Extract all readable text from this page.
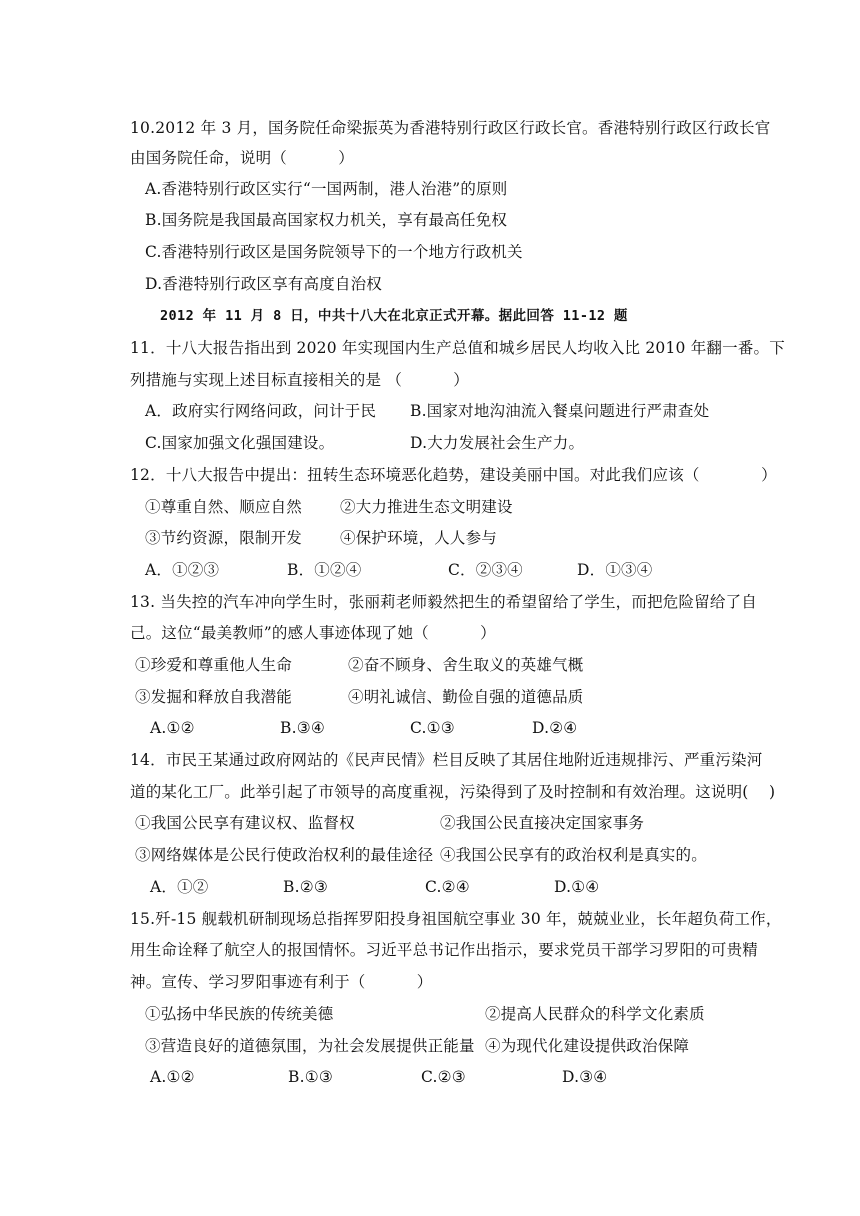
10.2012 年 3 月，国务院任命梁振英为香港特别行政区行政长官。香港特别行政区行政长官
由国务院任命，说明（          ）
A.香港特别行政区实行“一国两制，港人治港”的原则
B.国务院是我国最高国家权力机关，享有最高任免权
C.香港特别行政区是国务院领导下的一个地方行政机关
D.香港特别行政区享有高度自治权
2012 年 11 月 8 日，中共十八大在北京正式开幕。据此回答 11-12 题
11．十八大报告指出到 2020 年实现国内生产总值和城乡居民人均收入比 2010 年翻一番。下
列措施与实现上述目标直接相关的是 （          ）
A．政府实行网络问政，问计于民 B.国家对地沟油流入餐桌问题进行严肃查处
C.国家加强文化强国建设。	D.大力发展社会生产力。
12．十八大报告中提出：扭转生态环境恶化趋势，建设美丽中国。对此我们应该（            ）
①尊重自然、顺应自然 ②大力推进生态文明建设
③节约资源，限制开发 ④保护环境，人人参与
A．①②③	B．①②④	C．②③④	D．①③④
13. 当失控的汽车冲向学生时，张丽莉老师毅然把生的希望留给了学生，而把危险留给了自
己。这位“最美教师”的感人事迹体现了她（          ）
①珍爱和尊重他人生命	②奋不顾身、舍生取义的英雄气概
③发掘和释放自我潜能	④明礼诚信、勤俭自强的道德品质
A.①②	B.③④	C.①③	D.②④
14．市民王某通过政府网站的《民声民情》栏目反映了其居住地附近违规排污、严重污染河
道的某化工厂。此举引起了市领导的高度重视，污染得到了及时控制和有效治理。这说明(    )
①我国公民享有建议权、监督权	②我国公民直接决定国家事务
③网络媒体是公民行使政治权利的最佳途径 ④我国公民享有的政治权利是真实的。
A．①②	B.②③	C.②④	D.①④
15.歼-15 舰载机研制现场总指挥罗阳投身祖国航空事业 30 年，兢兢业业，长年超负荷工作，
用生命诠释了航空人的报国情怀。习近平总书记作出指示，要求党员干部学习罗阳的可贵精
神。宣传、学习罗阳事迹有利于（          ）
①弘扬中华民族的传统美德	②提高人民群众的科学文化素质
③营造良好的道德氛围，为社会发展提供正能量 ④为现代化建设提供政治保障
A.①②	B.①③	C.②③	D.③④
